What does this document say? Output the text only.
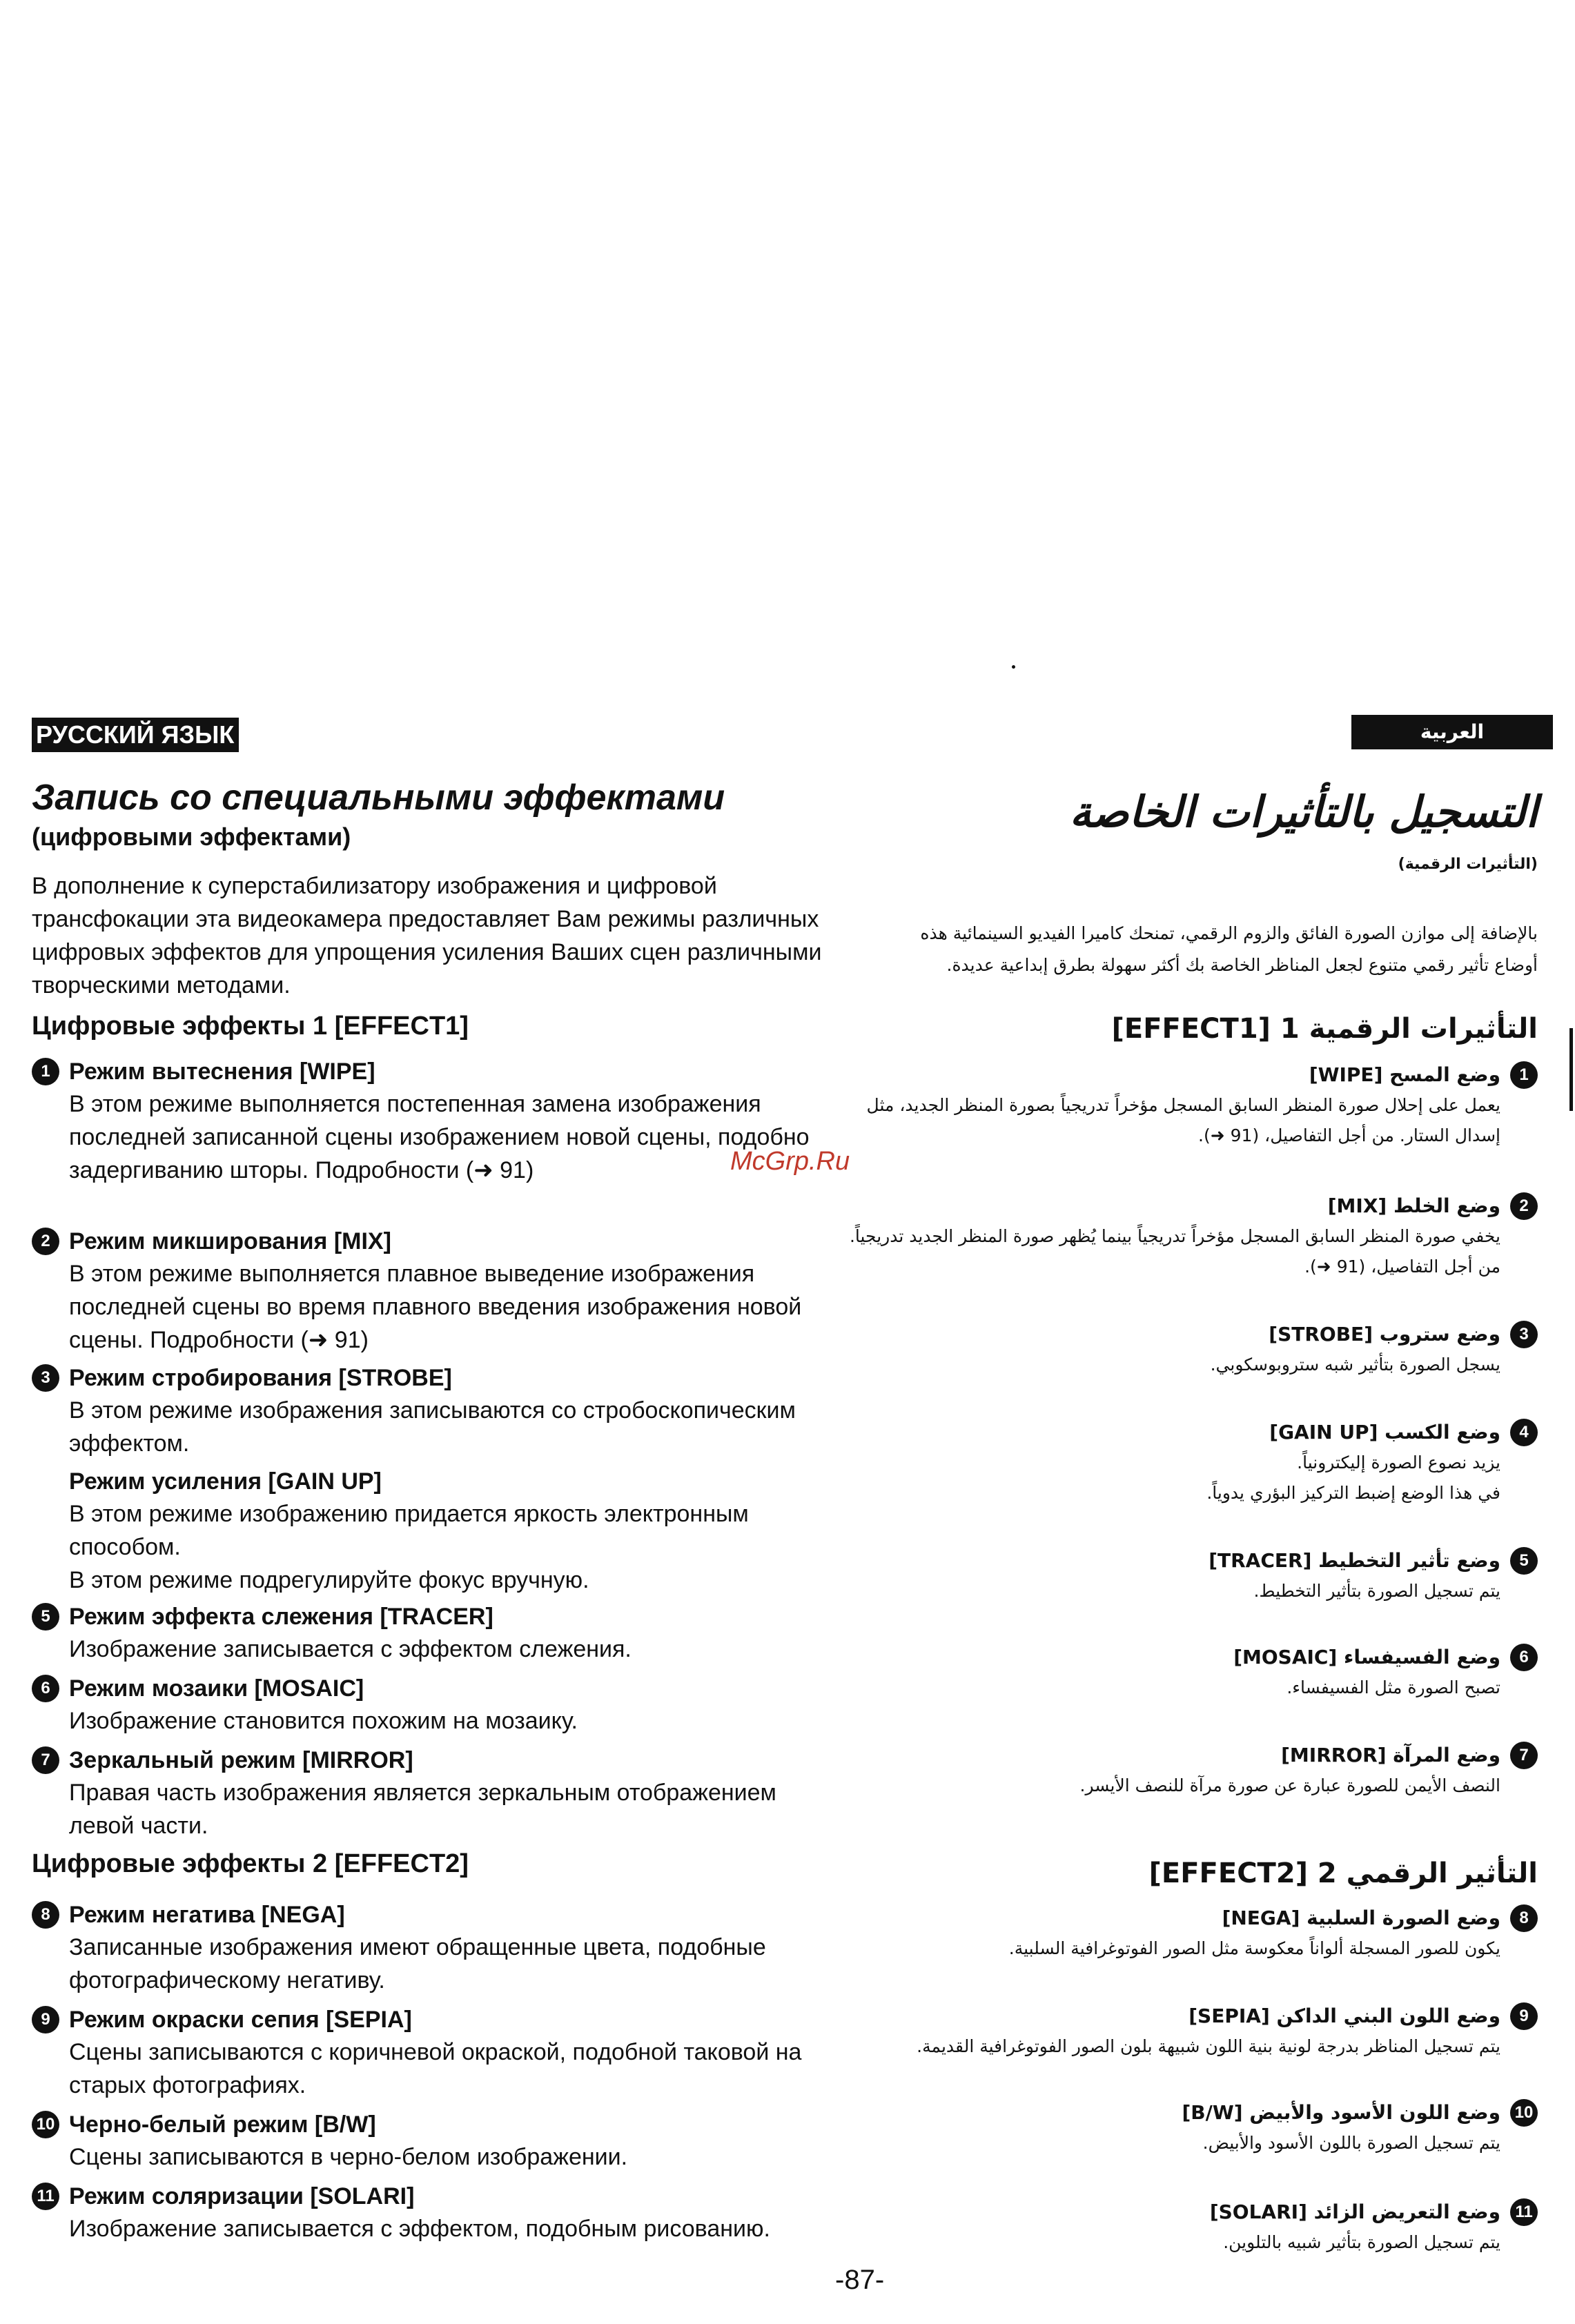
РУССКИЙ ЯЗЫК
Запись со специальными эффектами
(цифровыми эффектами)
В дополнение к суперстабилизатору изображения и цифровой трансфокации эта видеокамера предоставляет Вам режимы различных цифровых эффектов для упрощения усиления Ваших сцен различными творческими методами.
Цифровые эффекты 1 [EFFECT1]
1 Режим вытеснения [WIPE]
В этом режиме выполняется постепенная замена изображения последней записанной сцены изображением новой сцены, подобно задергиванию шторы. Подробности (➜ 91)
2 Режим микширования [MIX]
В этом режиме выполняется плавное выведение изображения последней сцены во время плавного введения изображения новой сцены. Подробности (➜ 91)
3 Режим стробирования [STROBE]
В этом режиме изображения записываются со стробоскопическим эффектом.
Режим усиления [GAIN UP]
В этом режиме изображению придается яркость электронным способом.
В этом режиме подрегулируйте фокус вручную.
5 Режим эффекта слежения [TRACER]
Изображение записывается с эффектом слежения.
6 Режим мозаики [MOSAIC]
Изображение становится похожим на мозаику.
7 Зеркальный режим [MIRROR]
Правая часть изображения является зеркальным отображением левой части.
Цифровые эффекты 2 [EFFECT2]
8 Режим негатива [NEGA]
Записанные изображения имеют обращенные цвета, подобные фотографическому негативу.
9 Режим окраски сепия [SEPIA]
Сцены записываются с коричневой окраской, подобной таковой на старых фотографиях.
10 Черно-белый режим [B/W]
Сцены записываются в черно-белом изображении.
11 Режим соляризации [SOLARI]
Изображение записывается с эффектом, подобным рисованию.
العربية
التسجيل بالتأثيرات الخاصة
(التأثيرات الرقمية)
بالإضافة إلى موازن الصورة الفائق والزوم الرقمي، تمنحك كاميرا الفيديو السينمائية هذه أوضاع تأثير رقمي متنوع لجعل المناظر الخاصة بك أكثر سهولة بطرق إبداعية عديدة.
التأثيرات الرقمية 1 [EFFECT1]
1
وضع المسح [WIPE]
يعمل على إحلال صورة المنظر السابق المسجل مؤخراً تدريجياً بصورة المنظر الجديد، مثل إسدال الستار. من أجل التفاصيل، (91 ➜).
2
وضع الخلط [MIX]
يخفي صورة المنظر السابق المسجل مؤخراً تدريجياً بينما يُظهر صورة المنظر الجديد تدريجياً. من أجل التفاصيل، (91 ➜).
3
وضع ستروب [STROBE]
يسجل الصورة بتأثير شبه ستروبوسكوبي.
4
وضع الكسب [GAIN UP]
يزيد نصوع الصورة إليكترونياً.
في هذا الوضع إضبط التركيز البؤري يدوياً.
5
وضع تأثير التخطيط [TRACER]
يتم تسجيل الصورة بتأثير التخطيط.
6
وضع الفسيفساء [MOSAIC]
تصبح الصورة مثل الفسيفساء.
7
وضع المرآة [MIRROR]
النصف الأيمن للصورة عبارة عن صورة مرآة للنصف الأيسر.
التأثير الرقمي 2 [EFFECT2]
8
وضع الصورة السلبية [NEGA]
يكون للصور المسجلة ألواناً معكوسة مثل الصور الفوتوغرافية السلبية.
9
وضع اللون البني الداكن [SEPIA]
يتم تسجيل المناظر بدرجة لونية بنية اللون شبيهة بلون الصور الفوتوغرافية القديمة.
10
وضع اللون الأسود والأبيض [B/W]
يتم تسجيل الصورة باللون الأسود والأبيض.
11
وضع التعريض الزائد [SOLARI]
يتم تسجيل الصورة بتأثير شبيه بالتلوين.
-87-
McGrp.Ru
